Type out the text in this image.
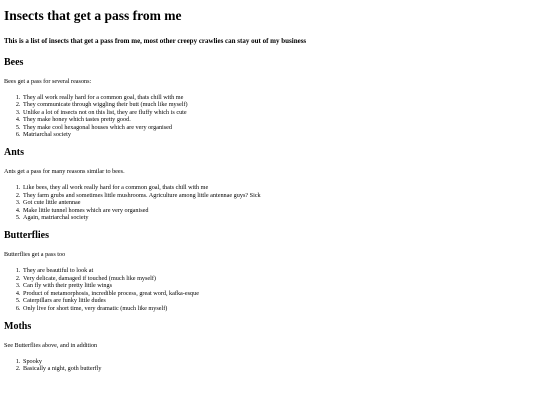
Insects that get a pass from me

This is a list of insects that get a pass from me, most other creepy crawlies can stay out of my business

Bees

Bees get a pass for several reasons:

1. They all work really hard for a common goal, thats chill with me
2. They communicate through wiggling their butt (much like myself)
3. Unlike a lot of insects not on this list, they are fluffy which is cute
4. They make honey which tastes pretty good.
5. They make cool hexagonal houses which are very organised
6. Matriarchal society
Ants

Ants get a pass for many reasons similar to bees.

1. Like bees, they all work really hard for a common goal, thats chill with me
2. They farm grubs and sometimes little mushrooms. Agriculture among little antennae guys? Sick
3. Got cute little antennae
4. Make little tunnel homes which are very organised
5. Again, matriarchal society
Butterflies

Butterflies get a pass too

1. They are beautiful to look at
2. Very delicate, damaged if touched (much like myself)
3. Can fly with their pretty little wings
4. Product of metamorphosis, incredible process, great word, kafka-esque
5. Caterpillars are funky little dudes
6. Only live for short time, very dramatic (much like myself)
Moths

See Butterflies above, and in addition

1. Spooky
2. Basically a night, goth butterfly
